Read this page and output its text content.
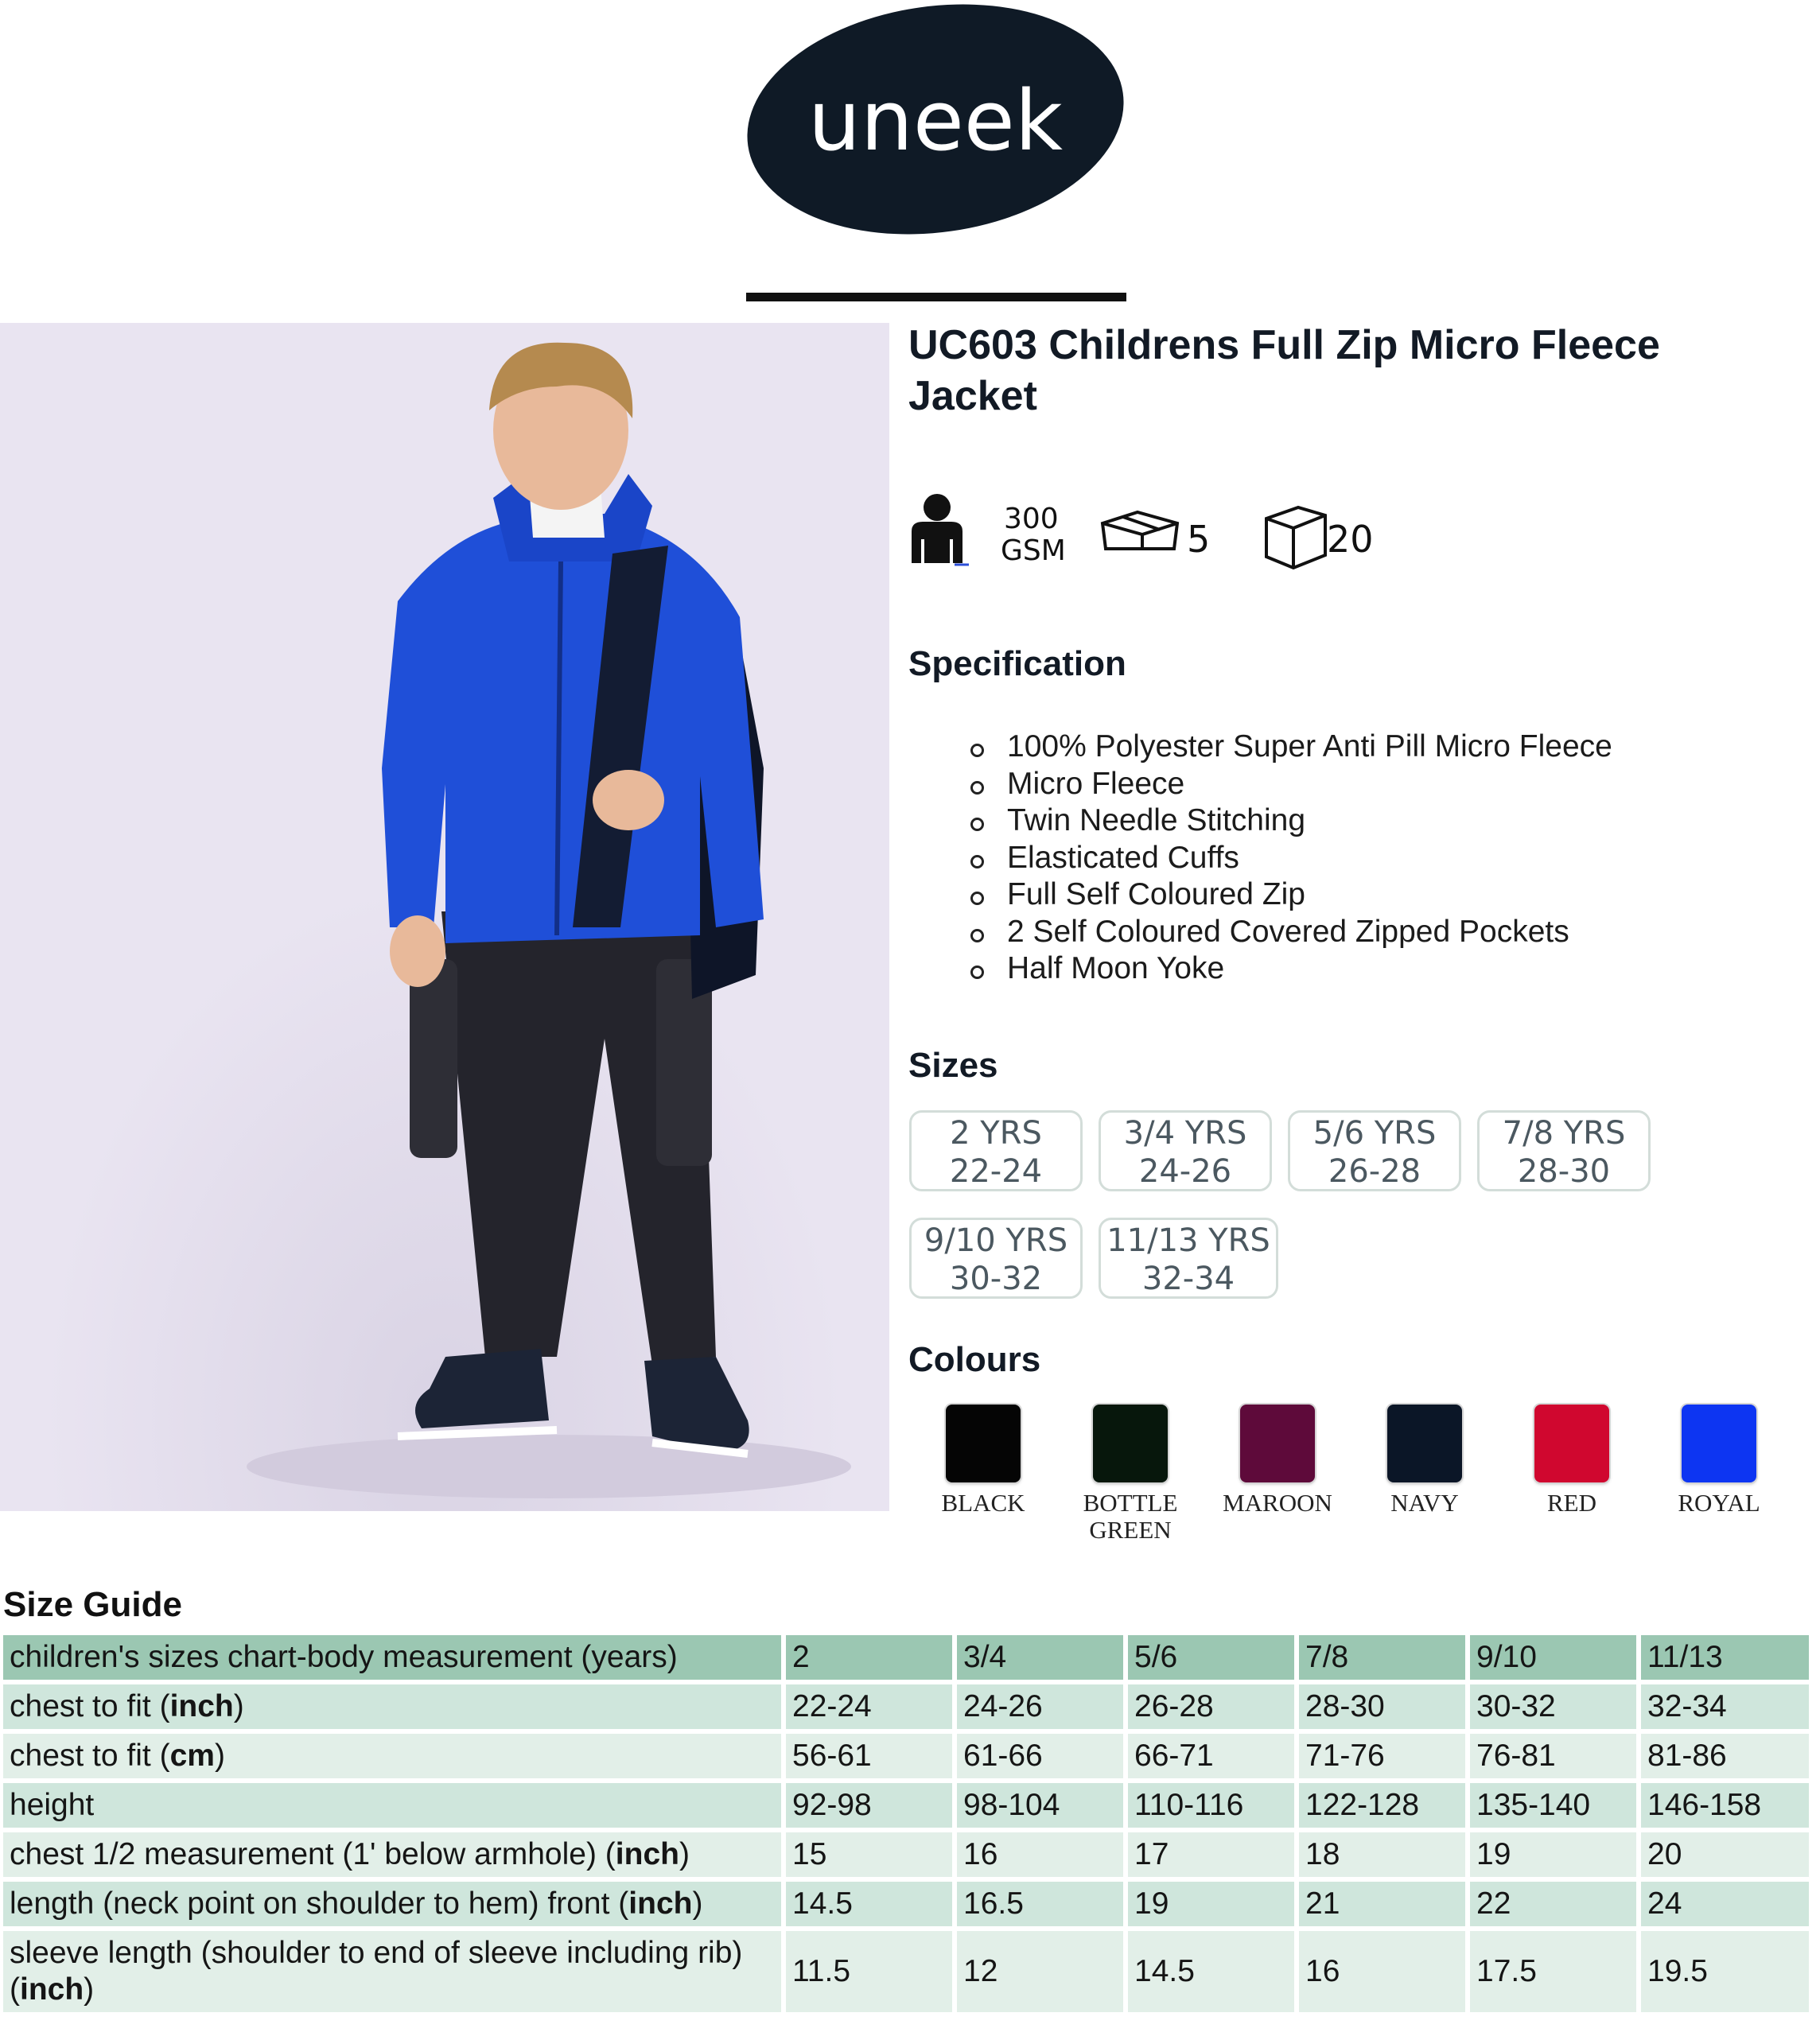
uneek
UC603 Childrens Full Zip Micro Fleece Jacket
300
GSM	5	20
Specification
100% Polyester Super Anti Pill Micro Fleece
Micro Fleece
Twin Needle Stitching
Elasticated Cuffs
Full Self Coloured Zip
2 Self Coloured Covered Zipped Pockets
Half Moon Yoke
Sizes
2 YRS
22-24
3/4 YRS
24-26
5/6 YRS
26-28
7/8 YRS
28-30
9/10 YRS
30-32
11/13 YRS
32-34
Colours
BLACK	BOTTLE
GREEN
MAROON	NAVY	RED	ROYAL
Size Guide
children's sizes chart-body measurement (years)	2	3/4	5/6	7/8	9/10	11/13
chest to fit (inch)	22-24	24-26	26-28	28-30	30-32	32-34
chest to fit (cm)	56-61	61-66	66-71	71-76	76-81	81-86
height	92-98	98-104	110-116	122-128	135-140	146-158
chest 1/2 measurement (1' below armhole) (inch)	15	16	17	18	19	20
length (neck point on shoulder to hem) front (inch)	14.5	16.5	19	21	22	24
sleeve length (shoulder to end of sleeve including rib) (inch)	11.5	12	14.5	16	17.5	19.5
